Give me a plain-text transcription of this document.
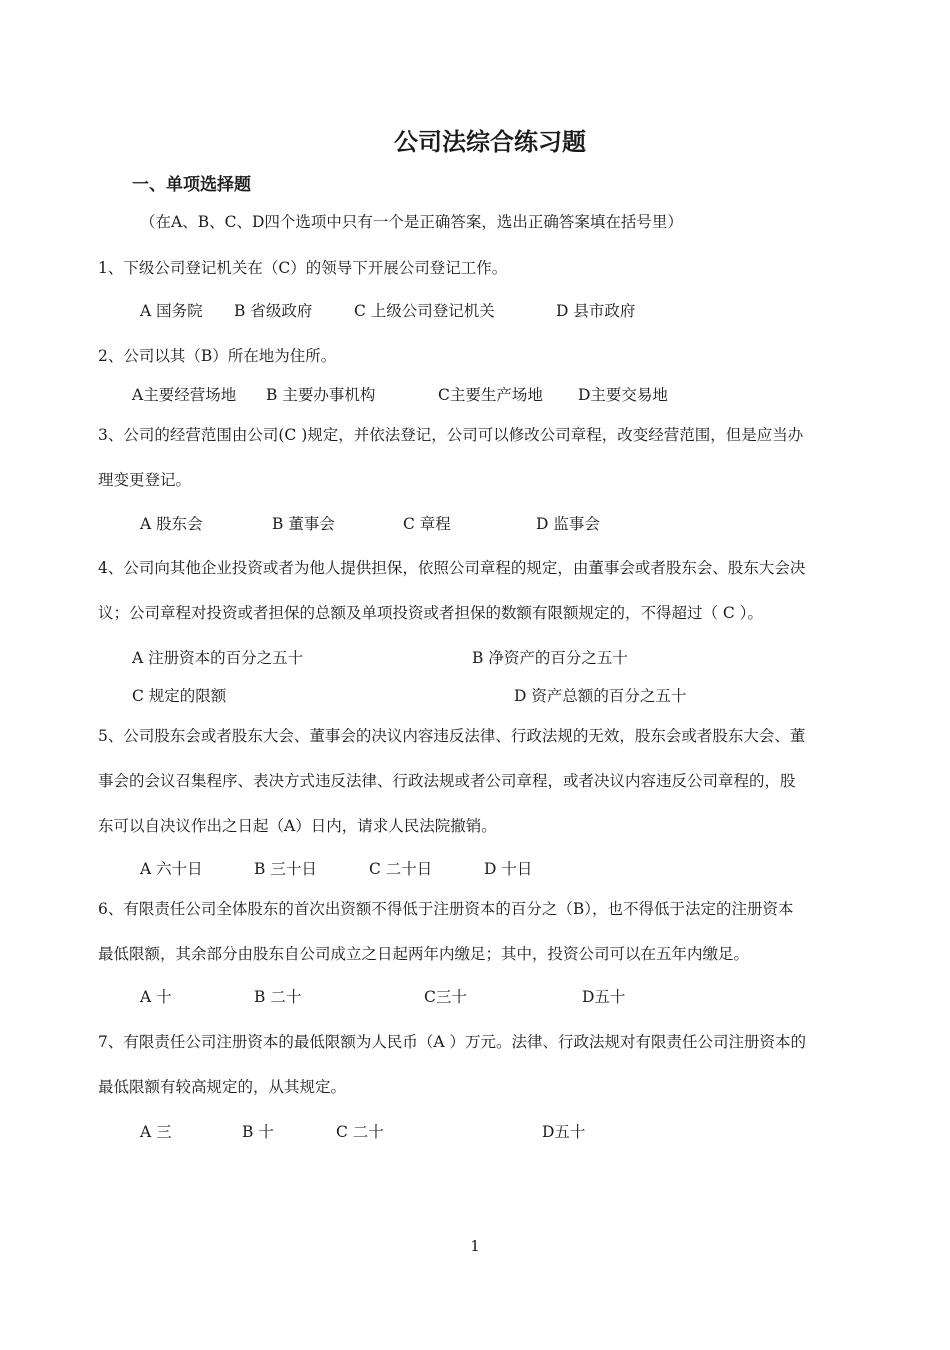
公司法综合练习题
一、单项选择题
（在A、B、C、D四个选项中只有一个是正确答案，选出正确答案填在括号里）
1、下级公司登记机关在（C）的领导下开展公司登记工作。
A 国务院 B 省级政府	C 上级公司登记机关	D 县市政府
2、公司以其（B）所在地为住所。
A主要经营场地 B 主要办事机构	C主要生产场地 D主要交易地
3、公司的经营范围由公司(C )规定，并依法登记，公司可以修改公司章程，改变经营范围，但是应当办
理变更登记。
A 股东会	B 董事会	C 章程	D 监事会
4、公司向其他企业投资或者为他人提供担保，依照公司章程的规定，由董事会或者股东会、股东大会决
议；公司章程对投资或者担保的总额及单项投资或者担保的数额有限额规定的，不得超过（ C ）。
A 注册资本的百分之五十	B 净资产的百分之五十
C 规定的限额	D 资产总额的百分之五十
5、公司股东会或者股东大会、董事会的决议内容违反法律、行政法规的无效，股东会或者股东大会、董
事会的会议召集程序、表决方式违反法律、行政法规或者公司章程，或者决议内容违反公司章程的，股
东可以自决议作出之日起（A）日内，请求人民法院撤销。
A 六十日	B 三十日	C 二十日	D 十日
6、有限责任公司全体股东的首次出资额不得低于注册资本的百分之（B），也不得低于法定的注册资本
最低限额，其余部分由股东自公司成立之日起两年内缴足；其中，投资公司可以在五年内缴足。
A 十	B 二十	C三十	D五十
7、有限责任公司注册资本的最低限额为人民币（A ）万元。法律、行政法规对有限责任公司注册资本的
最低限额有较高规定的，从其规定。
A 三	B 十	C 二十	D五十
1
